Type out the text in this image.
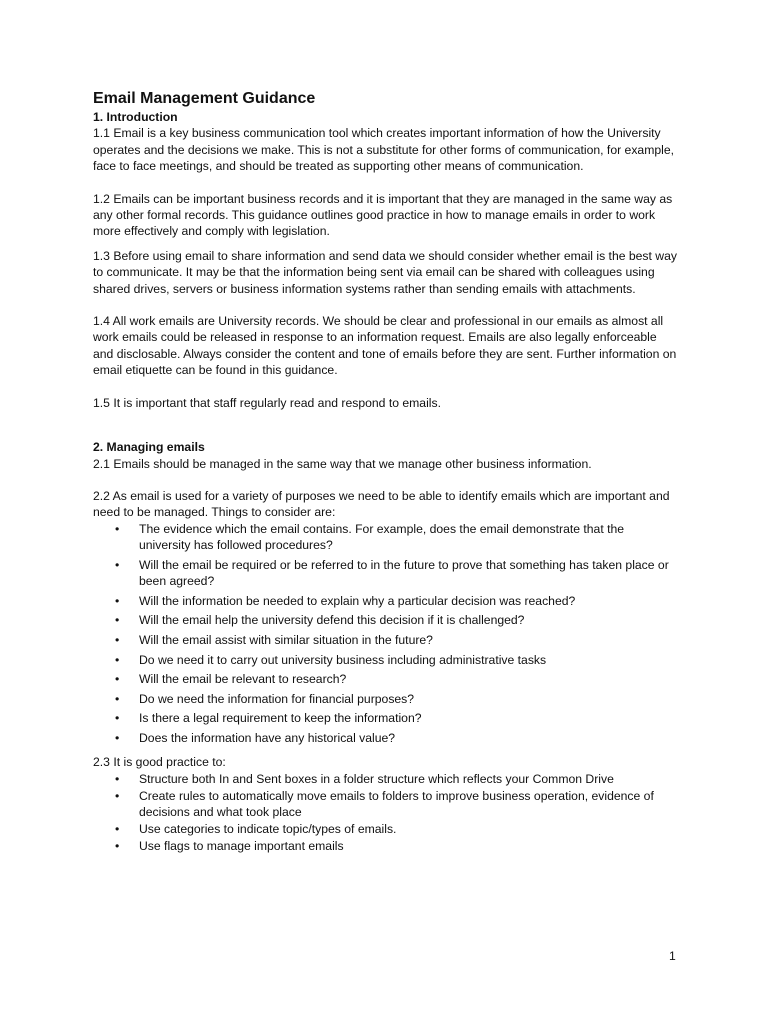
Email Management Guidance

1. Introduction

1.1 Email is a key business communication tool which creates important information of how the University operates and the decisions we make. This is not a substitute for other forms of communication, for example, face to face meetings, and should be treated as supporting other means of communication.

1.2 Emails can be important business records and it is important that they are managed in the same way as any other formal records. This guidance outlines good practice in how to manage emails in order to work more effectively and comply with legislation.

1.3 Before using email to share information and send data we should consider whether email is the best way to communicate. It may be that the information being sent via email can be shared with colleagues using shared drives, servers or business information systems rather than sending emails with attachments.

1.4 All work emails are University records. We should be clear and professional in our emails as almost all work emails could be released in response to an information request. Emails are also legally enforceable and disclosable. Always consider the content and tone of emails before they are sent. Further information on email etiquette can be found in this guidance.

1.5 It is important that staff regularly read and respond to emails.

2. Managing emails

2.1 Emails should be managed in the same way that we manage other business information.

2.2 As email is used for a variety of purposes we need to be able to identify emails which are important and need to be managed. Things to consider are:

• The evidence which the email contains. For example, does the email demonstrate that the university has followed procedures?
• Will the email be required or be referred to in the future to prove that something has taken place or been agreed?
• Will the information be needed to explain why a particular decision was reached?
• Will the email help the university defend this decision if it is challenged?
• Will the email assist with similar situation in the future?
• Do we need it to carry out university business including administrative tasks
• Will the email be relevant to research?
• Do we need the information for financial purposes?
• Is there a legal requirement to keep the information?
• Does the information have any historical value?

2.3 It is good practice to:

• Structure both In and Sent boxes in a folder structure which reflects your Common Drive
• Create rules to automatically move emails to folders to improve business operation, evidence of decisions and what took place
• Use categories to indicate topic/types of emails.
• Use flags to manage important emails
1
